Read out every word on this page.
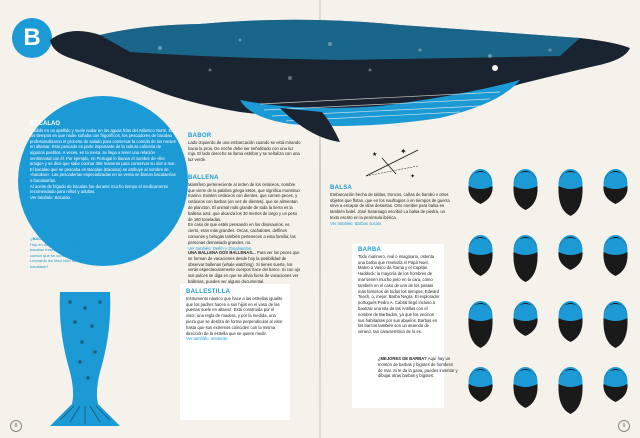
B
BACALAO
Gadids en un apellido y suele nadar en las aguas frías del Atlántico Norte. En los tiempos en que nadie soñaba con frigoríficos, los pescadores de bacalao profesionalizaron el proceso de salado para conservar la comida de los meses en altamar. Este pescado es parte importante de la cultura culinaria de algunos pueblos. A veces, en la mesa, se llega a tener una relación sentimental con él. Por ejemplo, en Portugal lo llaman el nombre de «fiel amigo» y se dice que sabe cocinar 365 maneras para conservar su olor a mar.
El bacalao que se pescaba en Bacalao (Bacalao) se atribuye al nombre de «bacalao». Las pescaderías especializadas en su venta se llaman bacalaerías o bacalaorías.
Al aceite de hígado de bacalao fue durante mucho tiempo el medicamento recomendado para niños y adultos.
Ver también: Bacalao.
¿BACALAO A LA LEONARDO DA VINCI?
Hoy en día es raro encontrar en un mercado bacalao fresco, pero en su día fue tan común que se comía salado. ¿Sabes que Leonardo da Vinci hizo bocetos de bacalaos?
BABOR
Lado izquierdo de una embarcación cuando se está mirando hacia la proa. De noche debe ser señalizado con una luz roja. El lado derecho se llama estribor y se señaliza con una luz verde.
BALLENA
Mamífero perteneciente al orden de los cetáceos, nombre que viene de la palabra griega kētos, que significa monstruo marino. Existen cetáceos con dientes, que comen peces, y cetáceos con barbas (en vez de dientes), que se alimentan de plancton. El animal más grande de toda la tierra es la ballena azul, que alcanza los 30 metros de largo y un peso de 180 toneladas.
En caso de que estés pensando en los dinosaurios, es cierto, eran más grandes. Orcas, cachalotes, delfines comunes y belugas también pertenecen a esta familia; las personas demasiado grandes, no.
Ver también: Delfín y Zooplancton.
UNA BALLENA DOS BALLENAS... Para ver los peces que se forman de vacaciones desde hoy la posibilidad de observar ballenas (whale watching). Si tienes suerte, los verás espectacularmente cuerpos hace del barco. Si con ojo sus pulces se diga en que se alivia fuera de vacaciones ver ballenas, puedes ver alguno documental.
BALLESTILLA
Instrumento náutico que hace a las estrellas igualito que los padres hacen a sus hijos en el vaso de las puertas suele en altavoz. Está construida por el visor, una regla de madera, y por la medida, una pieza que se desliza de forma perpendicular al visor hasta que sus extremos coinciden con la misma dirección de la estrella que se quiere medir.
Ver también: Sextante.
✦
★
✦
BALSA
Embarcación hecha de tablas, troncos, cañas de bambú o otros objetos que flotan, que en los naufragios o en tiempos de guerra sirve a escapar de islas desiertas. Otro nombre para balsa es también batel. José Saramago escribió La balsa de piedra, un texto escrito en la península ibérica.
Ver también: Barbas sucias.
BARBA
Todo marinero, real o imaginario, ostenta una barba que revelaría el Papá Noel, Mateo a Vasco da Gama y el Capitán Haddock: la mayoría de los hombres de mar tienen mucho pelo en la cara, como también en el caso de uno de los piratas más famosos de todos los tiempos, Edward Teach, o, mejor, Barba Negra. El explorador portugués Pedro A. Cabral llegó incluso a bautizar una isla de las Antillas con el nombre de Barbados, ya que los vecinos sus habitantes por sus abuelos. Barbas en los barcos también son un atuendo de verano, tan característico de lo es.
¿MEJORES DE BARBA? Aquí hay un montón de barbas y bigotes de hombres de mar. Si te da la gana, puedes inventar y dibujar otras barbas y bigotes.
8	9
